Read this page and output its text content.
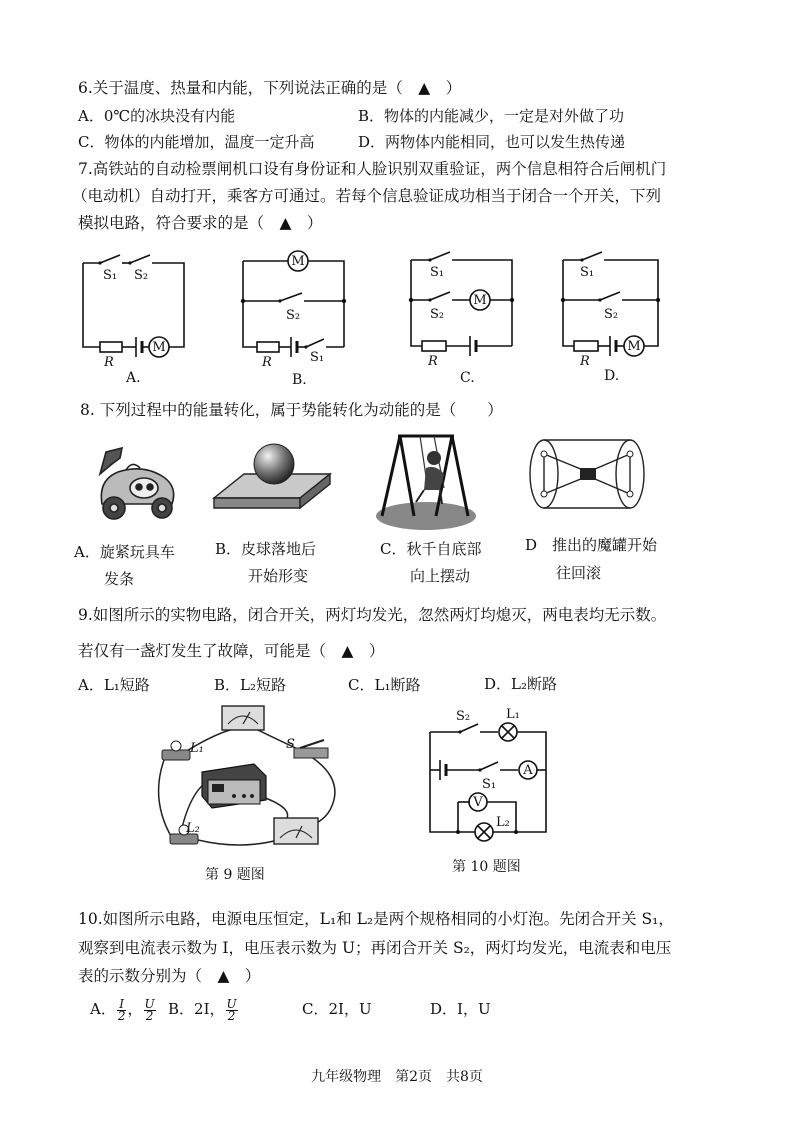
6.关于温度、热量和内能，下列说法正确的是（　▲　）
A．0℃的冰块没有内能	B．物体的内能减少，一定是对外做了功
C．物体的内能增加，温度一定升高	D．两物体内能相同，也可以发生热传递
7.高铁站的自动检票闸机口设有身份证和人脸识别双重验证，两个信息相符合后闸机门
（电动机）自动打开，乘客方可通过。若每个信息验证成功相当于闭合一个开关，下列
模拟电路，符合要求的是（　▲　）
S₁ S₂
R
M
A.
M
S₂
R	S₁
B.
S₁
S₂
M
R
C.
S₁
S₂
M
R
D.
8. 下列过程中的能量转化，属于势能转化为动能的是（　　）
A．旋紧玩具车
发条
B．皮球落地后
开始形变
C．秋千自底部
向上摆动
D　推出的魔罐开始
往回滚
9.如图所示的实物电路，闭合开关，两灯均发光，忽然两灯均熄灭，两电表均无示数。
若仅有一盏灯发生了故障，可能是（　▲　）
A．L₁短路	B．L₂短路	C．L₁断路	D．L₂断路
L₁	S
L₂
第 9 题图
S₂	L₁
S₁
A
V
L₂
第 10 题图
10.如图所示电路，电源电压恒定，L₁和 L₂是两个规格相同的小灯泡。先闭合开关 S₁，
观察到电流表示数为 I，电压表示数为 U；再闭合开关 S₂，两灯均发光，电流表和电压
表的示数分别为（　▲　）
A． $\frac{I}{2}$ ， $\frac{U}{2}$ B．2I， $\frac{U}{2}$	C．2I，U	D．I，U
九年级物理　第2页　共8页
